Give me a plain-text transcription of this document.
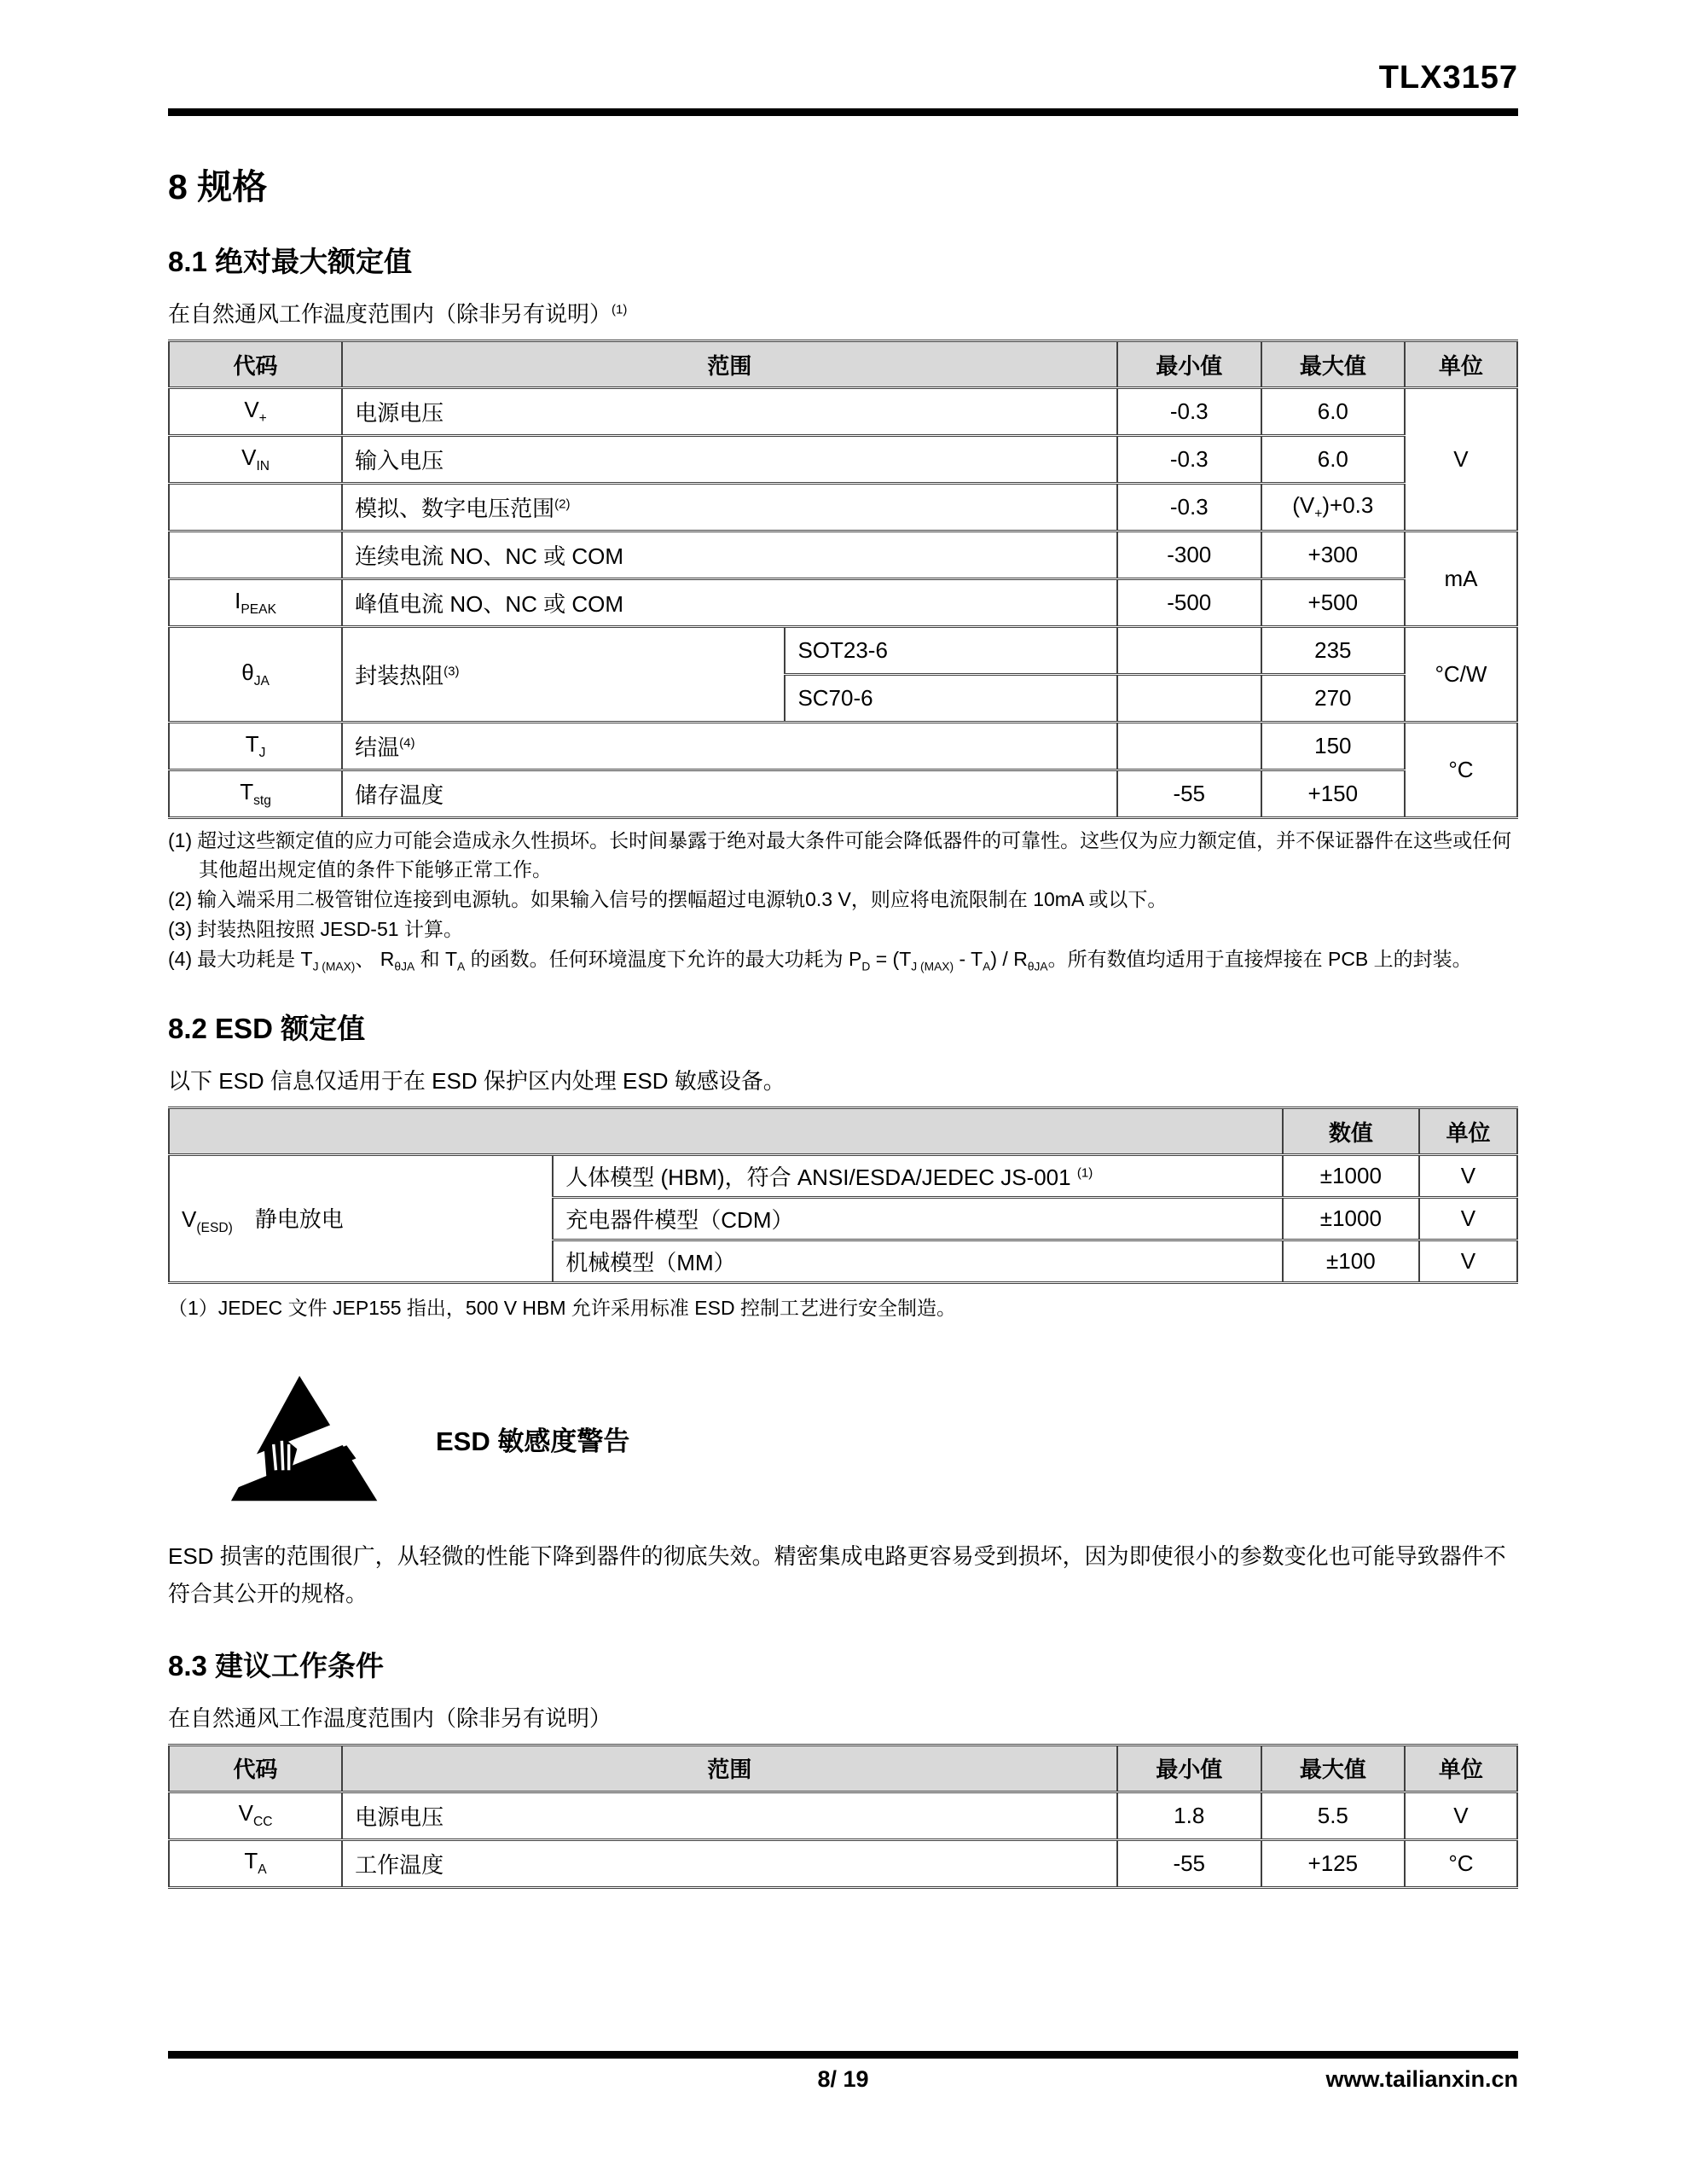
TLX3157
8 规格
8.1 绝对最大额定值

在自然通风工作温度范围内（除非另有说明）$^{(1)}$

代码	范围		最小值	最大值	单位
$V_+$	电源电压		-0.3	6.0	V
$V_{IN}$	输入电压		-0.3	6.0	
	模拟、数字电压范围$^{(2)}$		-0.3	$(V_+)+0.3$	
	连续电流 NO、NC 或 COM		-300	+300	mA
$I_{PEAK}$	峰值电流 NO、NC 或 COM		-500	+500	
$\theta_{JA}$	封装热阻$^{(3)}$	SOT23-6		235	°C/W
		SC70-6		270	
$T_J$	结温$^{(4)}$			150	°C
$T_{stg}$	储存温度		-55	+150	
(1) 超过这些额定值的应力可能会造成永久性损坏。长时间暴露于绝对最大条件可能会降低器件的可靠性。这些仅为应力额定值，并不保证器件在这些或任何其他超出规定值的条件下能够正常工作。
(2) 输入端采用二极管钳位连接到电源轨。如果输入信号的摆幅超过电源轨0.3 V，则应将电流限制在 10mA 或以下。
(3) 封装热阻按照 JESD-51 计算。
(4) 最大功耗是 $T_{J (MAX)}$、 $R_{\theta JA}$ 和 $T_A$ 的函数。任何环境温度下允许的最大功耗为 $P_D = (T_{J (MAX)} - T_A) / R_{\theta JA}$。所有数值均适用于直接焊接在 PCB 上的封装。
8.2 ESD 额定值

以下 ESD 信息仅适用于在 ESD 保护区内处理 ESD 敏感设备。

		数值	单位
$V_{(ESD)}$　静电放电	人体模型 (HBM)，符合 ANSI/ESDA/JEDEC JS-001 $^{(1)}$	±1000	V
	充电器件模型（CDM）	±1000	V
	机械模型（MM）	±100	V

（1）JEDEC 文件 JEP155 指出，500 V HBM 允许采用标准 ESD 控制工艺进行安全制造。

ESD 敏感度警告

ESD 损害的范围很广，从轻微的性能下降到器件的彻底失效。精密集成电路更容易受到损坏，因为即使很小的参数变化也可能导致器件不符合其公开的规格。

8.3 建议工作条件

在自然通风工作温度范围内（除非另有说明）

代码	范围	最小值	最大值	单位
$V_{CC}$	电源电压	1.8	5.5	V
$T_A$	工作温度	-55	+125	°C
8/ 19	www.tailianxin.cn
